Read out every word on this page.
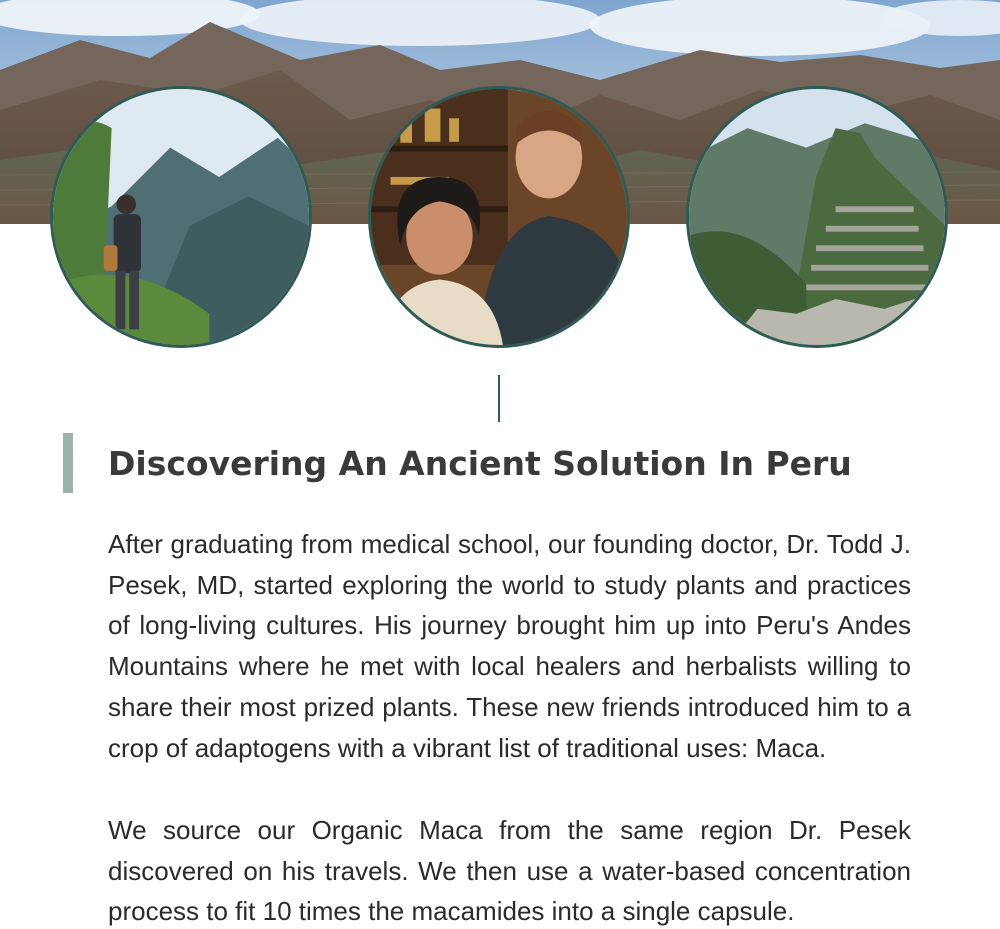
Discovering An Ancient Solution In Peru

After graduating from medical school, our founding doctor, Dr. Todd J. Pesek, MD, started exploring the world to study plants and practices of long-living cultures. His journey brought him up into Peru's Andes Mountains where he met with local healers and herbalists willing to share their most prized plants. These new friends introduced him to a crop of adaptogens with a vibrant list of traditional uses: Maca.

We source our Organic Maca from the same region Dr. Pesek discovered on his travels. We then use a water-based concentration process to fit 10 times the macamides into a single capsule.
